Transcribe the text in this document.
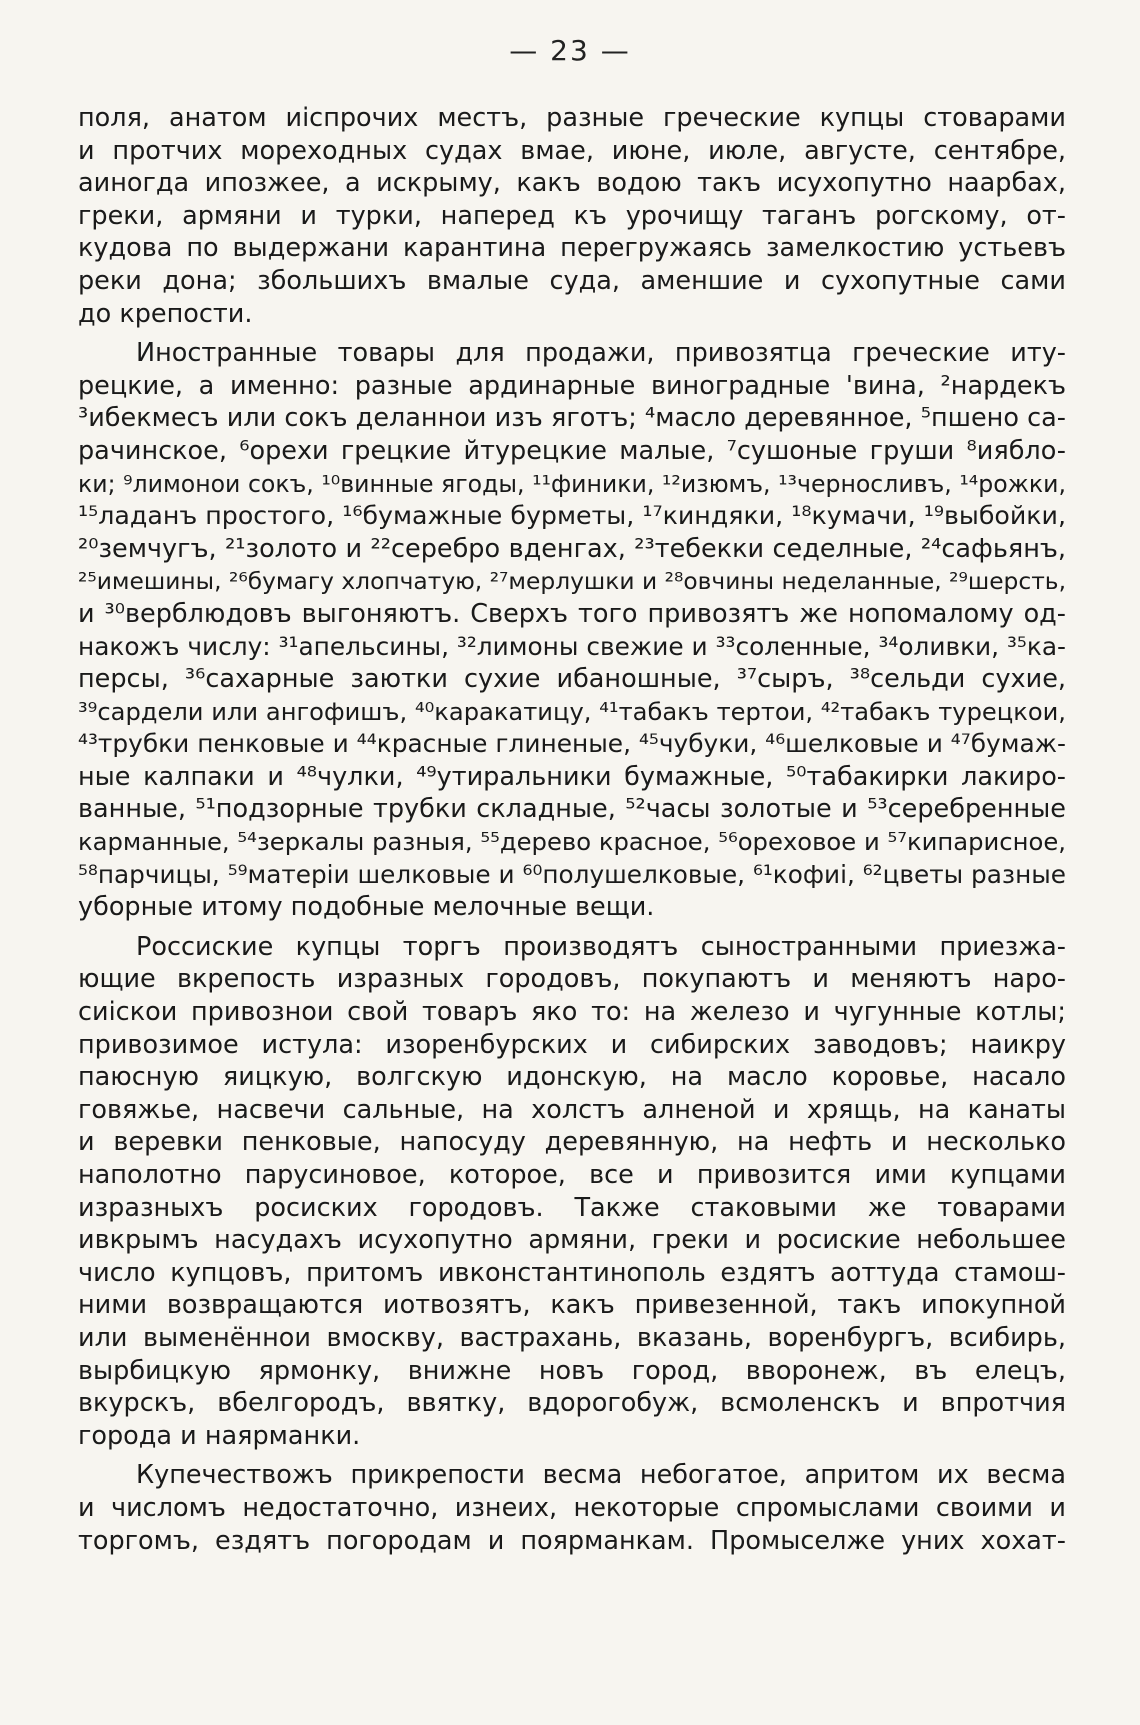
— 23 —
поля, анатом иіспрочих местъ, разные греческие купцы стоварами
и протчих мореходных судах вмае, июне, июле, августе, сентябре,
аиногда ипозжее, а искрыму, какъ водою такъ исухопутно наарбах,
греки, армяни и турки, наперед къ урочищу таганъ рогскому, от-
кудова по выдержани карантина перегружаясь замелкостию устьевъ
реки дона; збольшихъ вмалые суда, аменшие и сухопутные сами
до крепости.
Иностранные товары для продажи, привозятца греческие иту-
рецкие, а именно: разные ардинарные виноградные 'вина, ²нардекъ
³ибекмесъ или сокъ деланнои изъ яготъ; ⁴масло деревянное, ⁵пшено са-
рачинское, ⁶орехи грецкие йтурецкие малые, ⁷сушоные груши ⁸ияблo-
ки; ⁹лимонои сокъ, ¹⁰винные ягоды, ¹¹финики, ¹²изюмъ, ¹³черносливъ, ¹⁴рожки,
¹⁵ладанъ простого, ¹⁶бумажные бурметы, ¹⁷киндяки, ¹⁸кумачи, ¹⁹выбойки,
²⁰земчугъ, ²¹золото и ²²серебро вденгах, ²³тебекки седелные, ²⁴сафьянъ,
²⁵имешины, ²⁶бумагу хлопчатую, ²⁷мерлушки и ²⁸овчины неделанные, ²⁹шерсть,
и ³⁰верблюдовъ выгоняютъ. Сверхъ того привозятъ же нопомалому од-
накожъ числу: ³¹апельсины, ³²лимоны свежие и ³³соленные, ³⁴оливки, ³⁵ка-
персы, ³⁶сахарные заютки сухие ибаношные, ³⁷сыръ, ³⁸сельди сухие,
³⁹сардели или ангофишъ, ⁴⁰каракатицу, ⁴¹табакъ тертои, ⁴²табакъ турецкои,
⁴³трубки пенковые и ⁴⁴красные глиненые, ⁴⁵чубуки, ⁴⁶шелковые и ⁴⁷бумаж-
ные калпаки и ⁴⁸чулки, ⁴⁹утиральники бумажные, ⁵⁰табакирки лакиро-
ванные, ⁵¹подзорные трубки складные, ⁵²часы золотые и ⁵³серебренные
карманные, ⁵⁴зеркалы разныя, ⁵⁵дерево красное, ⁵⁶ореховое и ⁵⁷кипарисное,
⁵⁸парчицы, ⁵⁹матеріи шелковые и ⁶⁰полушелковые, ⁶¹кофиі, ⁶²цветы разные
уборные итому подобные мелочные вещи.
Россиские купцы торгъ производятъ сыностранными приезжа-
ющие вкрепость изразных городовъ, покупаютъ и меняютъ наро-
сиіскои привознои свой товаръ яко то: на железо и чугунные котлы;
привозимое истула: изоренбурских и сибирских заводовъ; наикру
паюсную яицкую, волгскую идонскую, на масло коровье, насало
говяжье, насвечи сальные, на холстъ алненой и хрящь, на канаты
и веревки пенковые, напосуду деревянную, на нефть и несколько
наполотно парусиновое, которое, все и привозится ими купцами
изразныхъ росиских городовъ. Также стаковыми же товарами
ивкрымъ насудахъ исухопутно армяни, греки и росиские небольшее
число купцовъ, притомъ ивконстантинополь ездятъ аоттуда стамош-
ними возвращаются иотвозятъ, какъ привезенной, такъ ипокупной
или выменённои вмоскву, вастрахань, вказань, воренбургъ, всибирь,
вырбицкую ярмонку, внижне новъ город, вворонеж, въ елецъ,
вкурскъ, вбелгородъ, ввятку, вдорогобуж, всмоленскъ и впротчия
города и наярманки.
Купечествожъ прикрепости весма небогатое, апритом их весма
и числомъ недостаточно, изнеих, некоторые спромыслами своими и
торгомъ, ездятъ погородам и поярманкам. Промыселже уних хохат-
